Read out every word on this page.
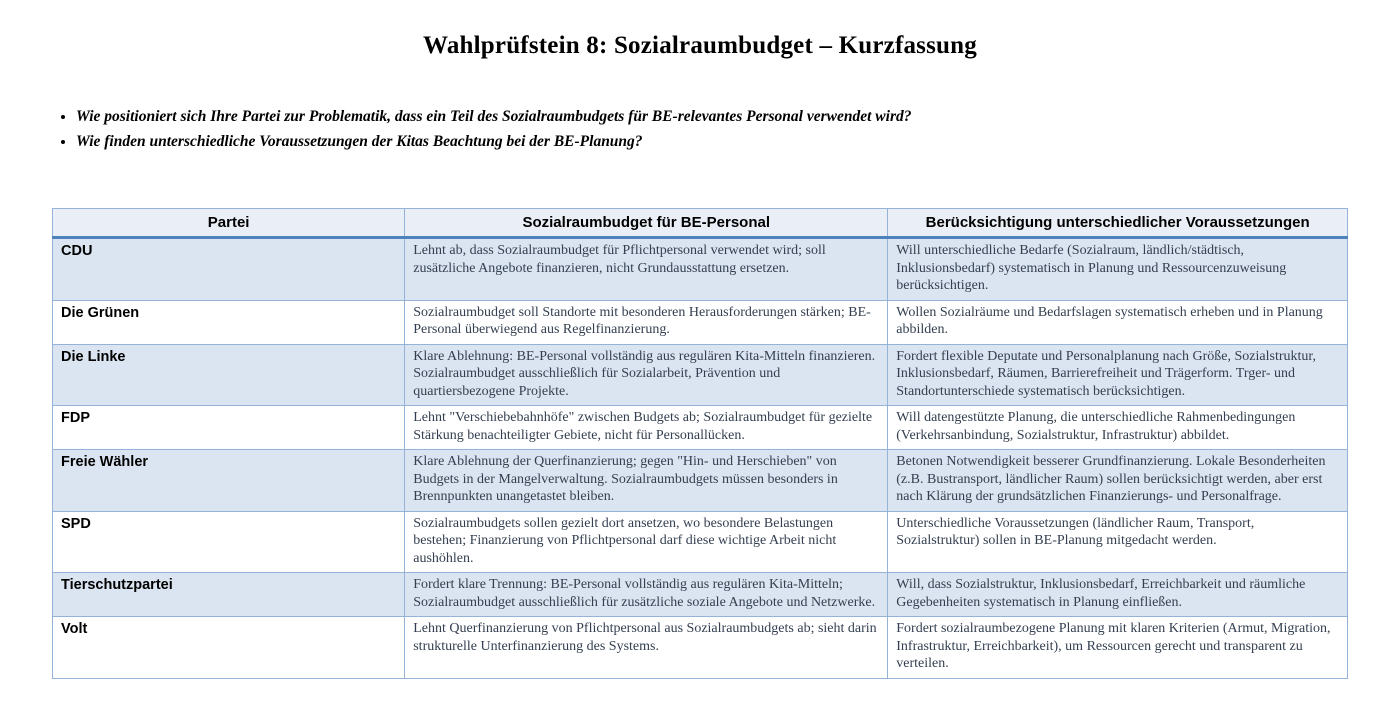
Wahlprüfstein 8: Sozialraumbudget – Kurzfassung
• Wie positioniert sich Ihre Partei zur Problematik, dass ein Teil des Sozialraumbudgets für BE-relevantes Personal verwendet wird?
• Wie finden unterschiedliche Voraussetzungen der Kitas Beachtung bei der BE-Planung?
Partei	Sozialraumbudget für BE-Personal	Berücksichtigung unterschiedlicher Voraussetzungen
CDU	Lehnt ab, dass Sozialraumbudget für Pflichtpersonal verwendet wird; soll zusätzliche Angebote finanzieren, nicht Grundausstattung ersetzen.	Will unterschiedliche Bedarfe (Sozialraum, ländlich/städtisch, Inklusionsbedarf) systematisch in Planung und Ressourcenzuweisung berücksichtigen.
Die Grünen	Sozialraumbudget soll Standorte mit besonderen Herausforderungen stärken; BE-Personal überwiegend aus Regelfinanzierung.	Wollen Sozialräume und Bedarfslagen systematisch erheben und in Planung abbilden.
Die Linke	Klare Ablehnung: BE-Personal vollständig aus regulären Kita-Mitteln finanzieren. Sozialraumbudget ausschließlich für Sozialarbeit, Prävention und quartiersbezogene Projekte.	Fordert flexible Deputate und Personalplanung nach Größe, Sozialstruktur, Inklusionsbedarf, Räumen, Barrierefreiheit und Trägerform. Trger- und Standortunterschiede systematisch berücksichtigen.
FDP	Lehnt "Verschiebebahnhöfe" zwischen Budgets ab; Sozialraumbudget für gezielte Stärkung benachteiligter Gebiete, nicht für Personallücken.	Will datengestützte Planung, die unterschiedliche Rahmenbedingungen (Verkehrsanbindung, Sozialstruktur, Infrastruktur) abbildet.
Freie Wähler	Klare Ablehnung der Querfinanzierung; gegen "Hin- und Herschieben" von Budgets in der Mangelverwaltung. Sozialraumbudgets müssen besonders in Brennpunkten unangetastet bleiben.	Betonen Notwendigkeit besserer Grundfinanzierung. Lokale Besonderheiten (z.B. Bustransport, ländlicher Raum) sollen berücksichtigt werden, aber erst nach Klärung der grundsätzlichen Finanzierungs- und Personalfrage.
SPD	Sozialraumbudgets sollen gezielt dort ansetzen, wo besondere Belastungen bestehen; Finanzierung von Pflichtpersonal darf diese wichtige Arbeit nicht aushöhlen.	Unterschiedliche Voraussetzungen (ländlicher Raum, Transport, Sozialstruktur) sollen in BE-Planung mitgedacht werden.
Tierschutzpartei	Fordert klare Trennung: BE-Personal vollständig aus regulären Kita-Mitteln; Sozialraumbudget ausschließlich für zusätzliche soziale Angebote und Netzwerke.	Will, dass Sozialstruktur, Inklusionsbedarf, Erreichbarkeit und räumliche Gegebenheiten systematisch in Planung einfließen.
Volt	Lehnt Querfinanzierung von Pflichtpersonal aus Sozialraumbudgets ab; sieht darin strukturelle Unterfinanzierung des Systems.	Fordert sozialraumbezogene Planung mit klaren Kriterien (Armut, Migration, Infrastruktur, Erreichbarkeit), um Ressourcen gerecht und transparent zu verteilen.
